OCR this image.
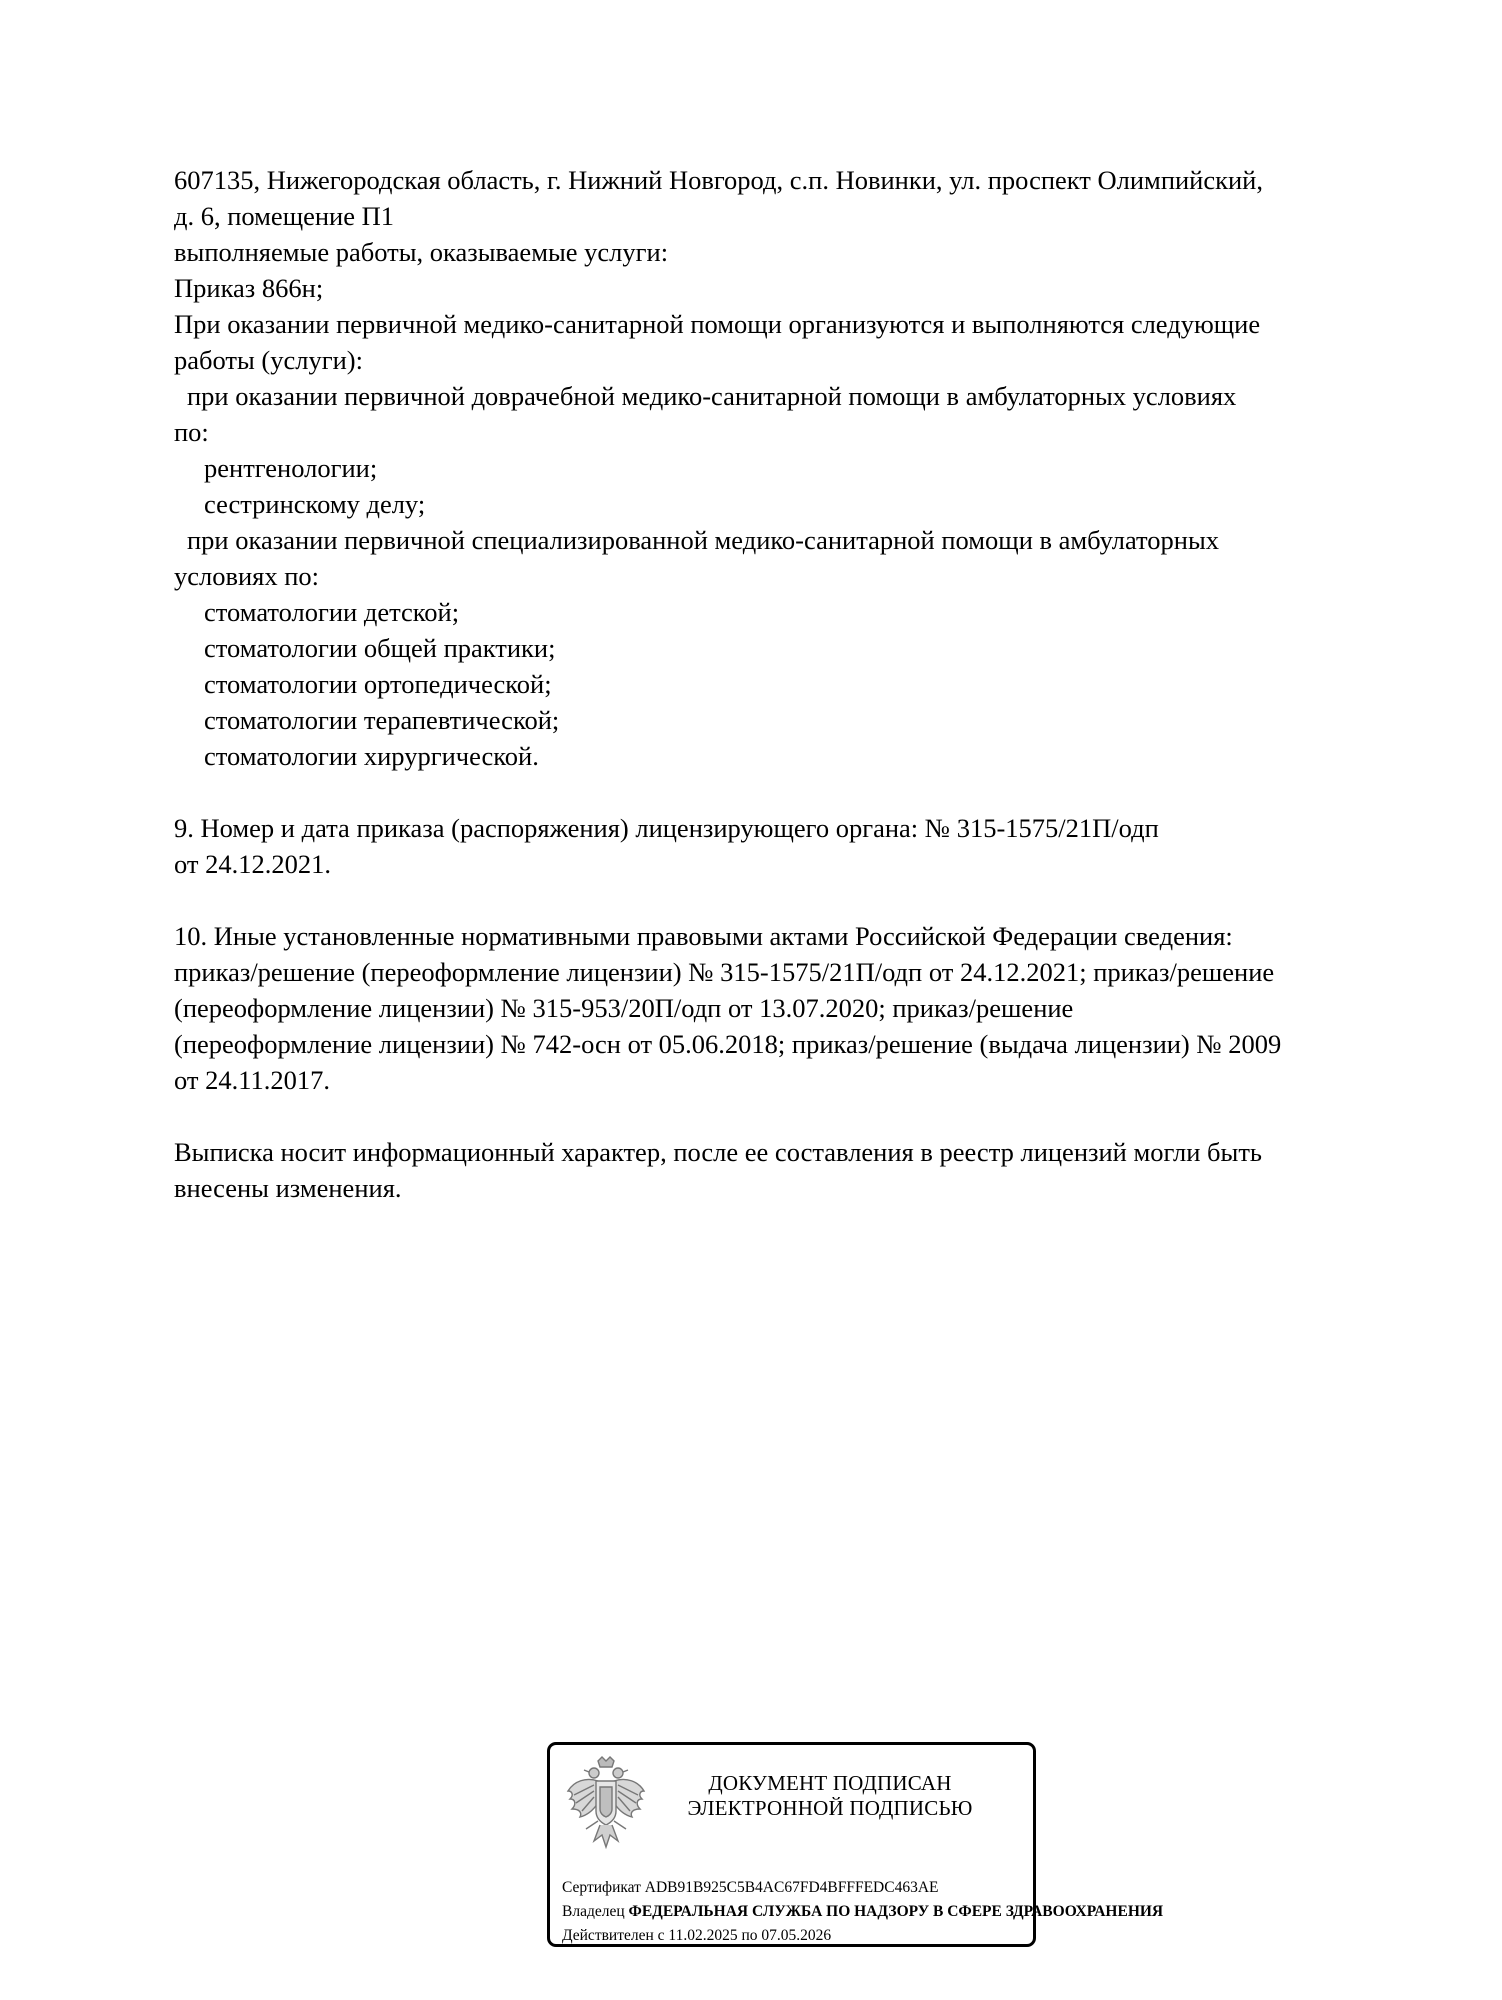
607135, Нижегородская область, г. Нижний Новгород, с.п. Новинки, ул. проспект Олимпийский,
д. 6, помещение П1
выполняемые работы, оказываемые услуги:
Приказ 866н;
При оказании первичной медико-санитарной помощи организуются и выполняются следующие
работы (услуги):
при оказании первичной доврачебной медико-санитарной помощи в амбулаторных условиях
по:
рентгенологии;
сестринскому делу;
при оказании первичной специализированной медико-санитарной помощи в амбулаторных
условиях по:
стоматологии детской;
стоматологии общей практики;
стоматологии ортопедической;
стоматологии терапевтической;
стоматологии хирургической.
9. Номер и дата приказа (распоряжения) лицензирующего органа: № 315-1575/21П/одп
от 24.12.2021.
10. Иные установленные нормативными правовыми актами Российской Федерации сведения:
приказ/решение (переоформление лицензии) № 315-1575/21П/одп от 24.12.2021; приказ/решение
(переоформление лицензии) № 315-953/20П/одп от 13.07.2020; приказ/решение
(переоформление лицензии) № 742-осн от 05.06.2018; приказ/решение (выдача лицензии) № 2009
от 24.11.2017.
Выписка носит информационный характер, после ее составления в реестр лицензий могли быть
внесены изменения.
ДОКУМЕНТ ПОДПИСАН
ЭЛЕКТРОННОЙ ПОДПИСЬЮ
Сертификат ADB91B925C5B4AC67FD4BFFFEDC463AE
Владелец ФЕДЕРАЛЬНАЯ СЛУЖБА ПО НАДЗОРУ В СФЕРЕ ЗДРАВООХРАНЕНИЯ
Действителен с 11.02.2025 по 07.05.2026
